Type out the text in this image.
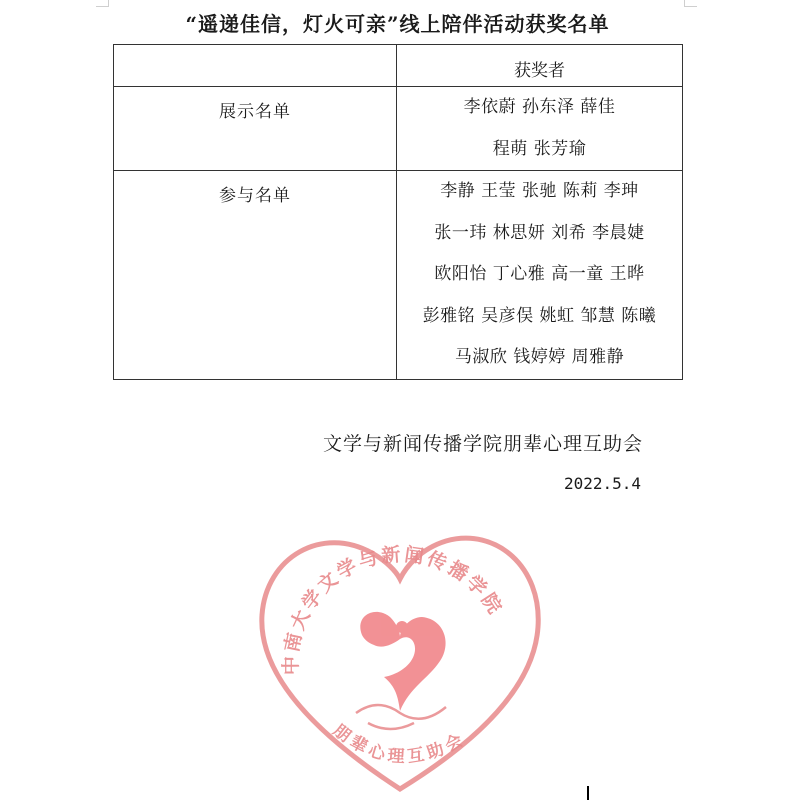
“遥递佳信，灯火可亲”线上陪伴活动获奖名单
	获奖者
展示名单	李依蔚 孙东泽 薛佳
程萌 张芳瑜

参与名单	李静 王莹 张驰 陈莉 李珅
张一玮 林思妍 刘希 李晨婕
欧阳怡 丁心雅 高一童 王晔
彭雅铭 吴彦俣 姚虹 邹慧 陈曦
马淑欣 钱婷婷 周雅静
文学与新闻传播学院朋辈心理互助会
2022.5.4
中南大学文学与新闻传播学院
朋辈心理互助会
